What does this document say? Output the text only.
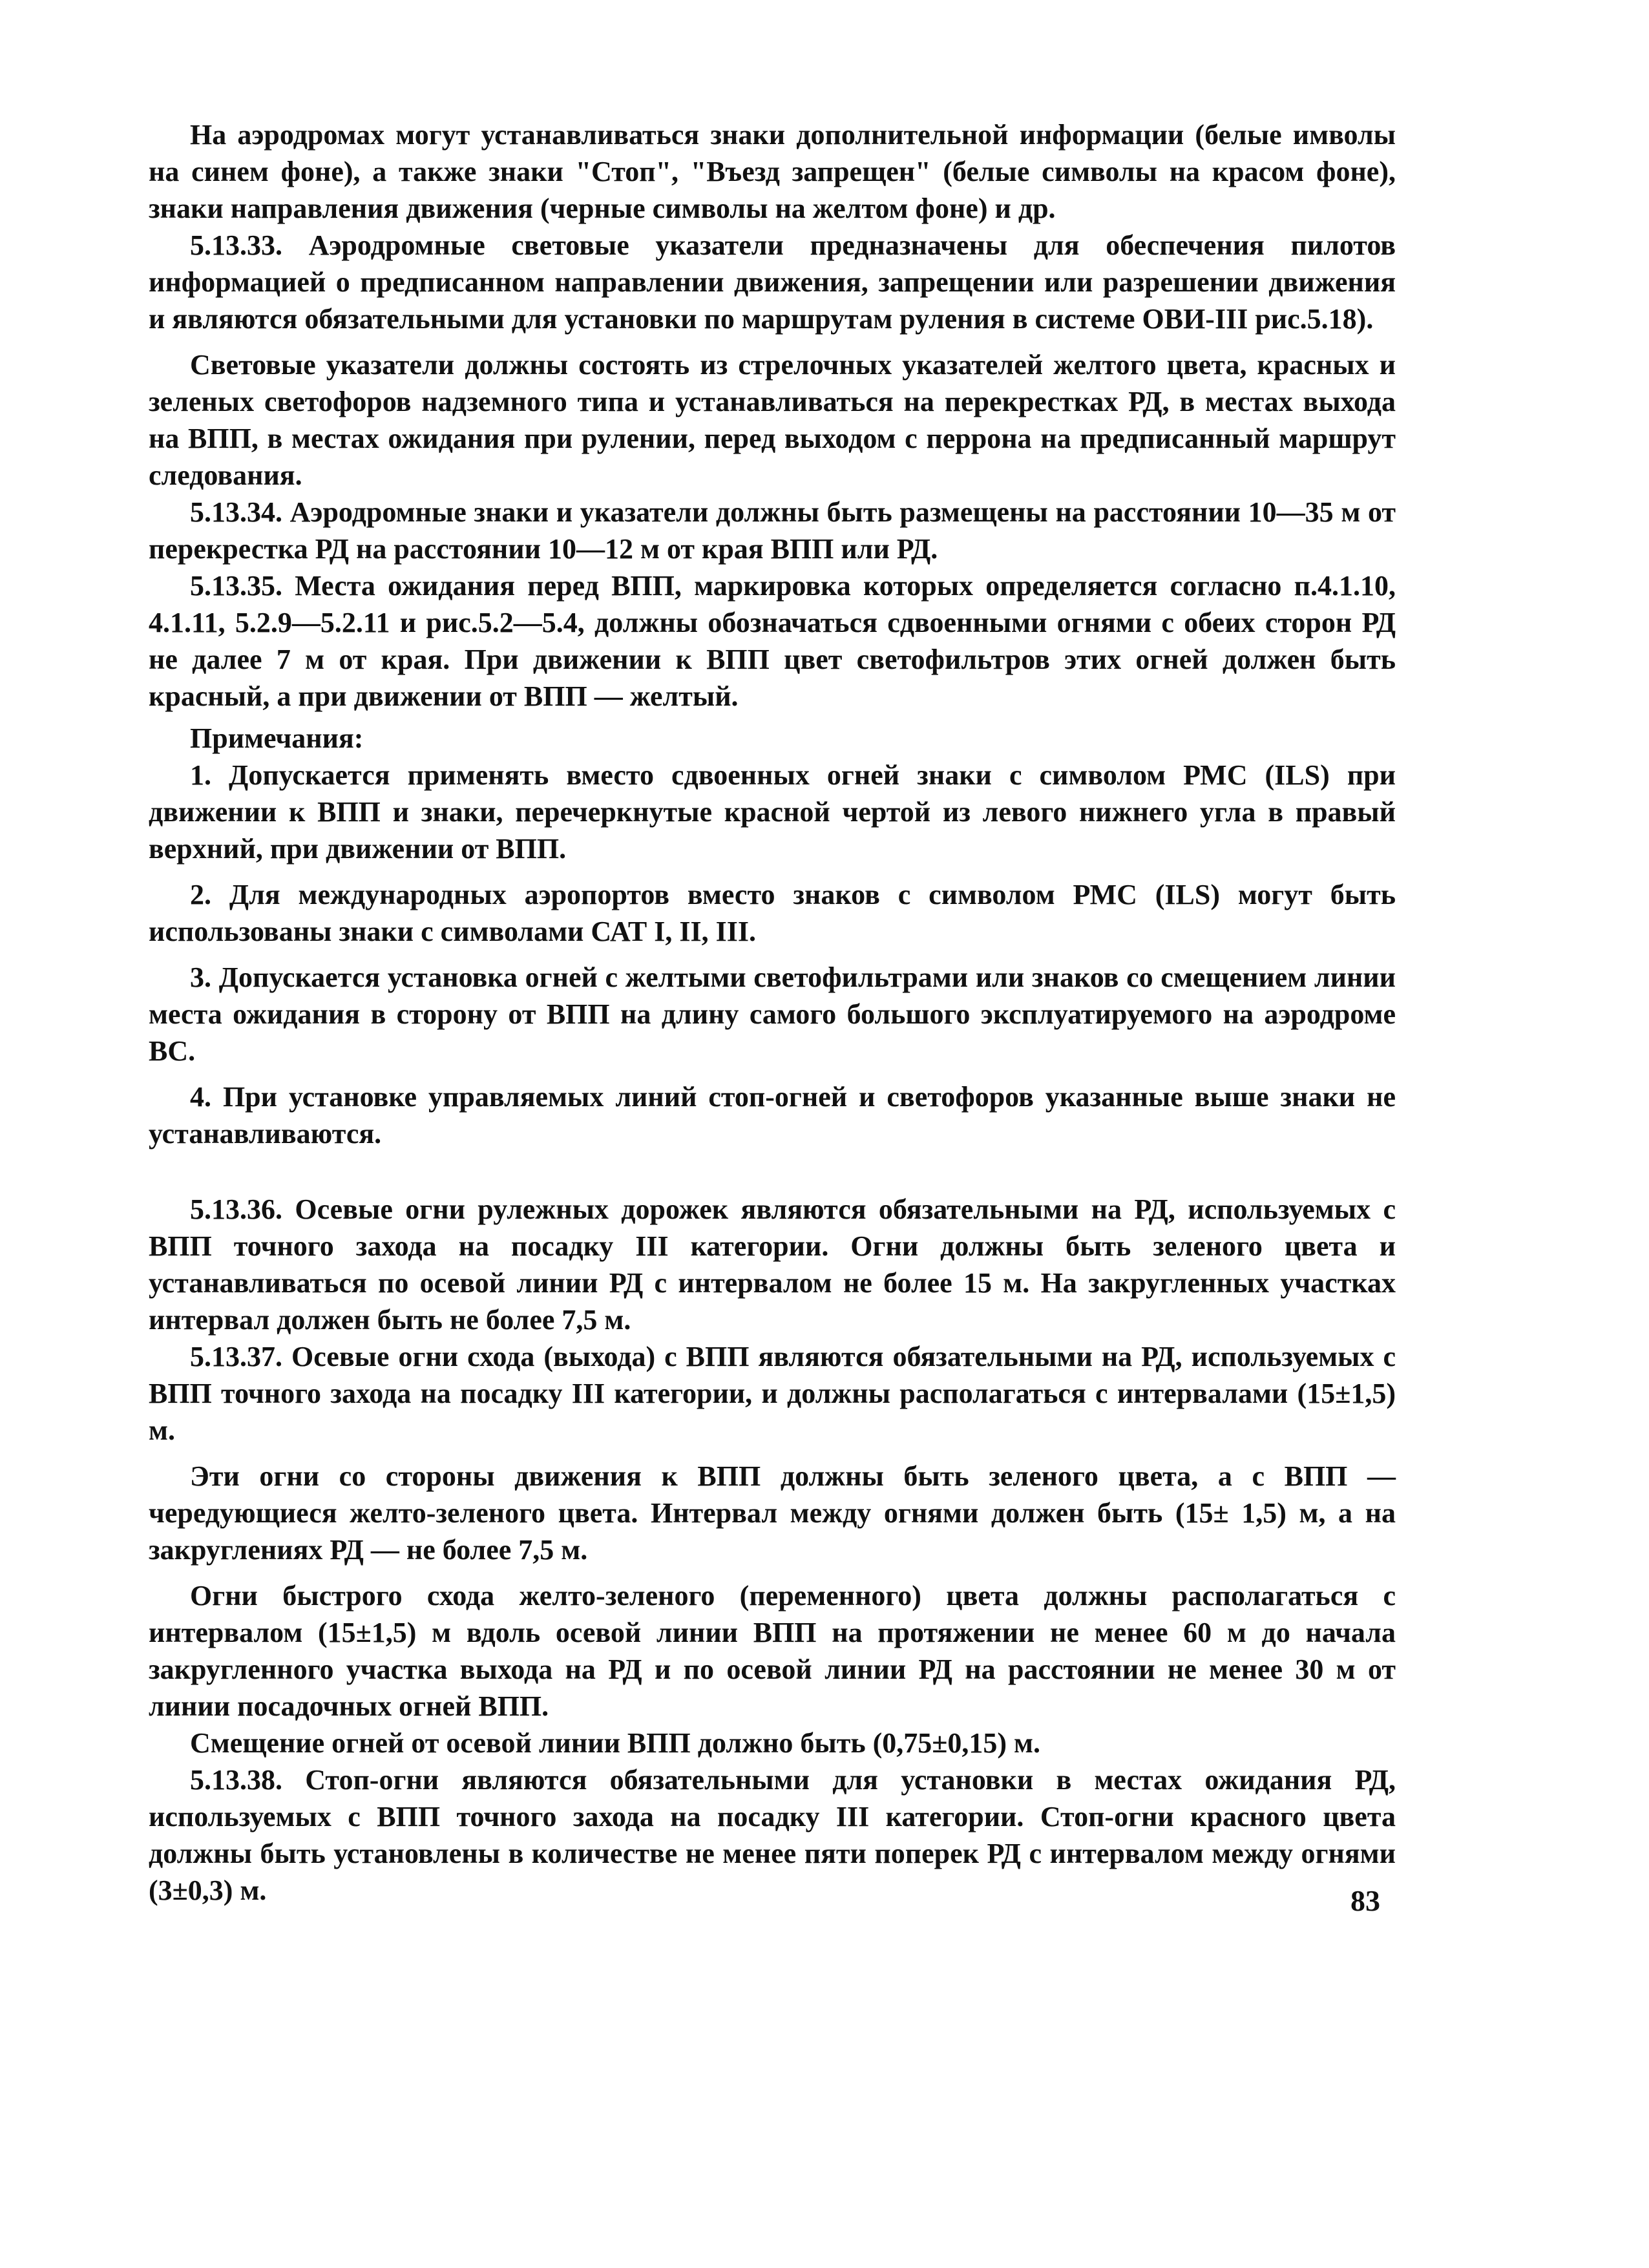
На аэродромах могут устанавливаться знаки дополнительной информации (белые имволы на синем фоне), а также знаки "Стоп", "Въезд запрещен" (белые символы на красом фоне), знаки направления движения (черные символы на желтом фоне) и др.

5.13.33. Аэродромные световые указатели предназначены для обеспечения пилотов информацией о предписанном направлении движения, запрещении или разрешении движения и являются обязательными для установки по маршрутам руления в системе ОВИ-III рис.5.18).

Световые указатели должны состоять из стрелочных указателей желтого цвета, красных и зеленых светофоров надземного типа и устанавливаться на перекрестках РД, в местах выхода на ВПП, в местах ожидания при рулении, перед выходом с перрона на предписанный маршрут следования.

5.13.34. Аэродромные знаки и указатели должны быть размещены на расстоянии 10—35 м от перекрестка РД на расстоянии 10—12 м от края ВПП или РД.

5.13.35. Места ожидания перед ВПП, маркировка которых определяется согласно п.4.1.10, 4.1.11, 5.2.9—5.2.11 и рис.5.2—5.4, должны обозначаться сдвоенными огнями с обеих сторон РД не далее 7 м от края. При движении к ВПП цвет светофильтров этих огней должен быть красный, а при движении от ВПП — желтый.

Примечания:

1. Допускается применять вместо сдвоенных огней знаки с символом РМС (ILS) при движении к ВПП и знаки, перечеркнутые красной чертой из левого нижнего угла в правый верхний, при движении от ВПП.

2. Для международных аэропортов вместо знаков с символом РМС (ILS) могут быть использованы знаки с символами САТ I, II, III.

3. Допускается установка огней с желтыми светофильтрами или знаков со смещением линии места ожидания в сторону от ВПП на длину самого большого эксплуатируемого на аэродроме ВС.

4. При установке управляемых линий стоп-огней и светофоров указанные выше знаки не устанавливаются.

5.13.36. Осевые огни рулежных дорожек являются обязательными на РД, используемых с ВПП точного захода на посадку III категории. Огни должны быть зеленого цвета и устанавливаться по осевой линии РД с интервалом не более 15 м. На закругленных участках интервал должен быть не более 7,5 м.

5.13.37. Осевые огни схода (выхода) с ВПП являются обязательными на РД, используемых с ВПП точного захода на посадку III категории, и должны располагаться с интервалами (15±1,5) м.

Эти огни со стороны движения к ВПП должны быть зеленого цвета, а с ВПП — чередующиеся желто-зеленого цвета. Интервал между огнями должен быть (15± 1,5) м, а на закруглениях РД — не более 7,5 м.

Огни быстрого схода желто-зеленого (переменного) цвета должны располагаться с интервалом (15±1,5) м вдоль осевой линии ВПП на протяжении не менее 60 м до начала закругленного участка выхода на РД и по осевой линии РД на расстоянии не менее 30 м от линии посадочных огней ВПП.

Смещение огней от осевой линии ВПП должно быть (0,75±0,15) м.

5.13.38. Стоп-огни являются обязательными для установки в местах ожидания РД, используемых с ВПП точного захода на посадку III категории. Стоп-огни красного цвета должны быть установлены в количестве не менее пяти поперек РД с интервалом между огнями (3±0,3) м.	83
